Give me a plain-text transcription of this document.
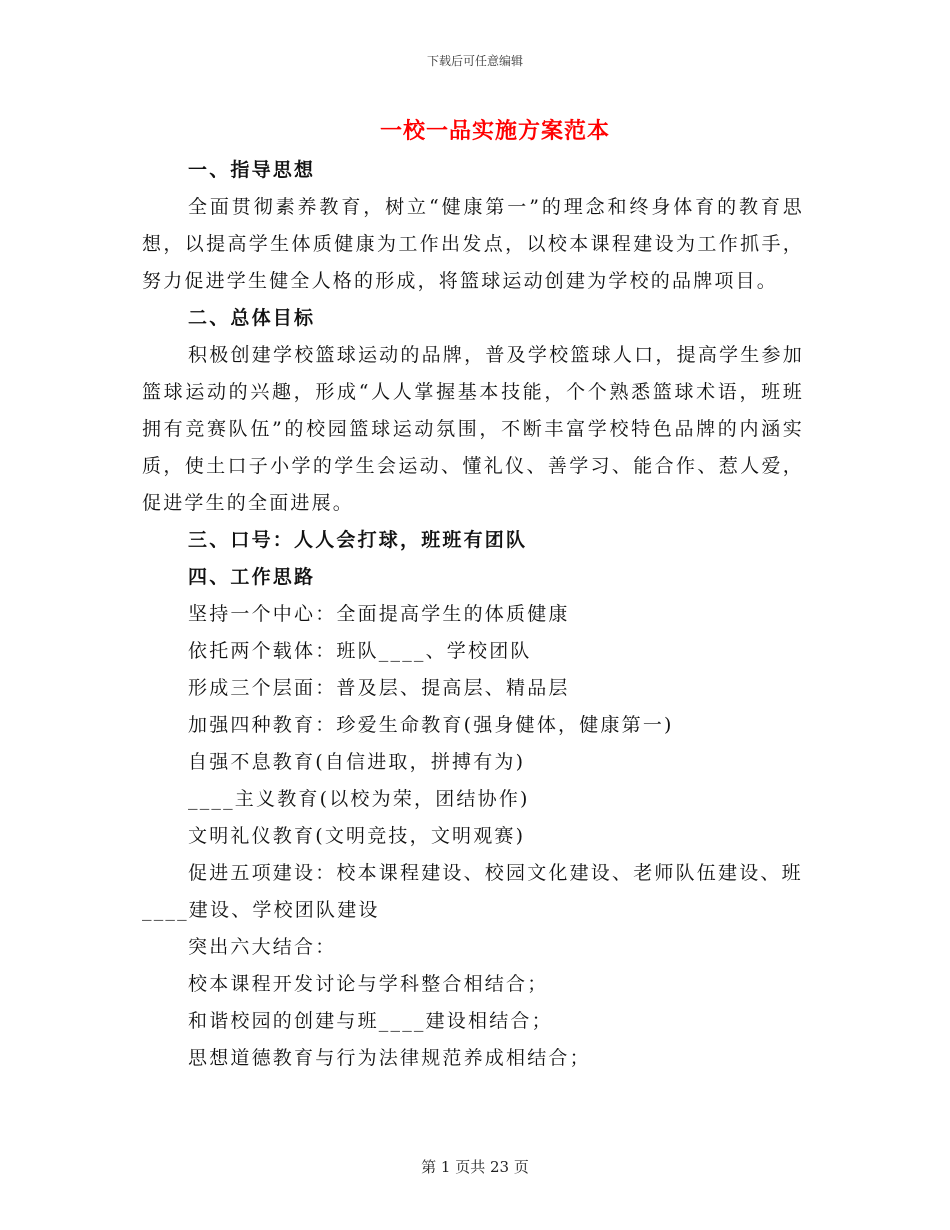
下载后可任意编辑
一校一品实施方案范本

一、指导思想

全面贯彻素养教育，树立“健康第一”的理念和终身体育的教育思想，以提高学生体质健康为工作出发点，以校本课程建设为工作抓手，努力促进学生健全人格的形成，将篮球运动创建为学校的品牌项目。

二、总体目标

积极创建学校篮球运动的品牌，普及学校篮球人口，提高学生参加篮球运动的兴趣，形成“人人掌握基本技能，个个熟悉篮球术语，班班拥有竞赛队伍”的校园篮球运动氛围，不断丰富学校特色品牌的内涵实质，使土口子小学的学生会运动、懂礼仪、善学习、能合作、惹人爱，促进学生的全面进展。

三、口号：人人会打球，班班有团队

四、工作思路

坚持一个中心：全面提高学生的体质健康

依托两个载体：班队____、学校团队

形成三个层面：普及层、提高层、精品层

加强四种教育：珍爱生命教育(强身健体，健康第一)

自强不息教育(自信进取，拼搏有为)

____主义教育(以校为荣，团结协作)

文明礼仪教育(文明竞技，文明观赛)

促进五项建设：校本课程建设、校园文化建设、老师队伍建设、班____建设、学校团队建设

突出六大结合：

校本课程开发讨论与学科整合相结合；

和谐校园的创建与班____建设相结合；

思想道德教育与行为法律规范养成相结合；

第 1 页共 23 页
